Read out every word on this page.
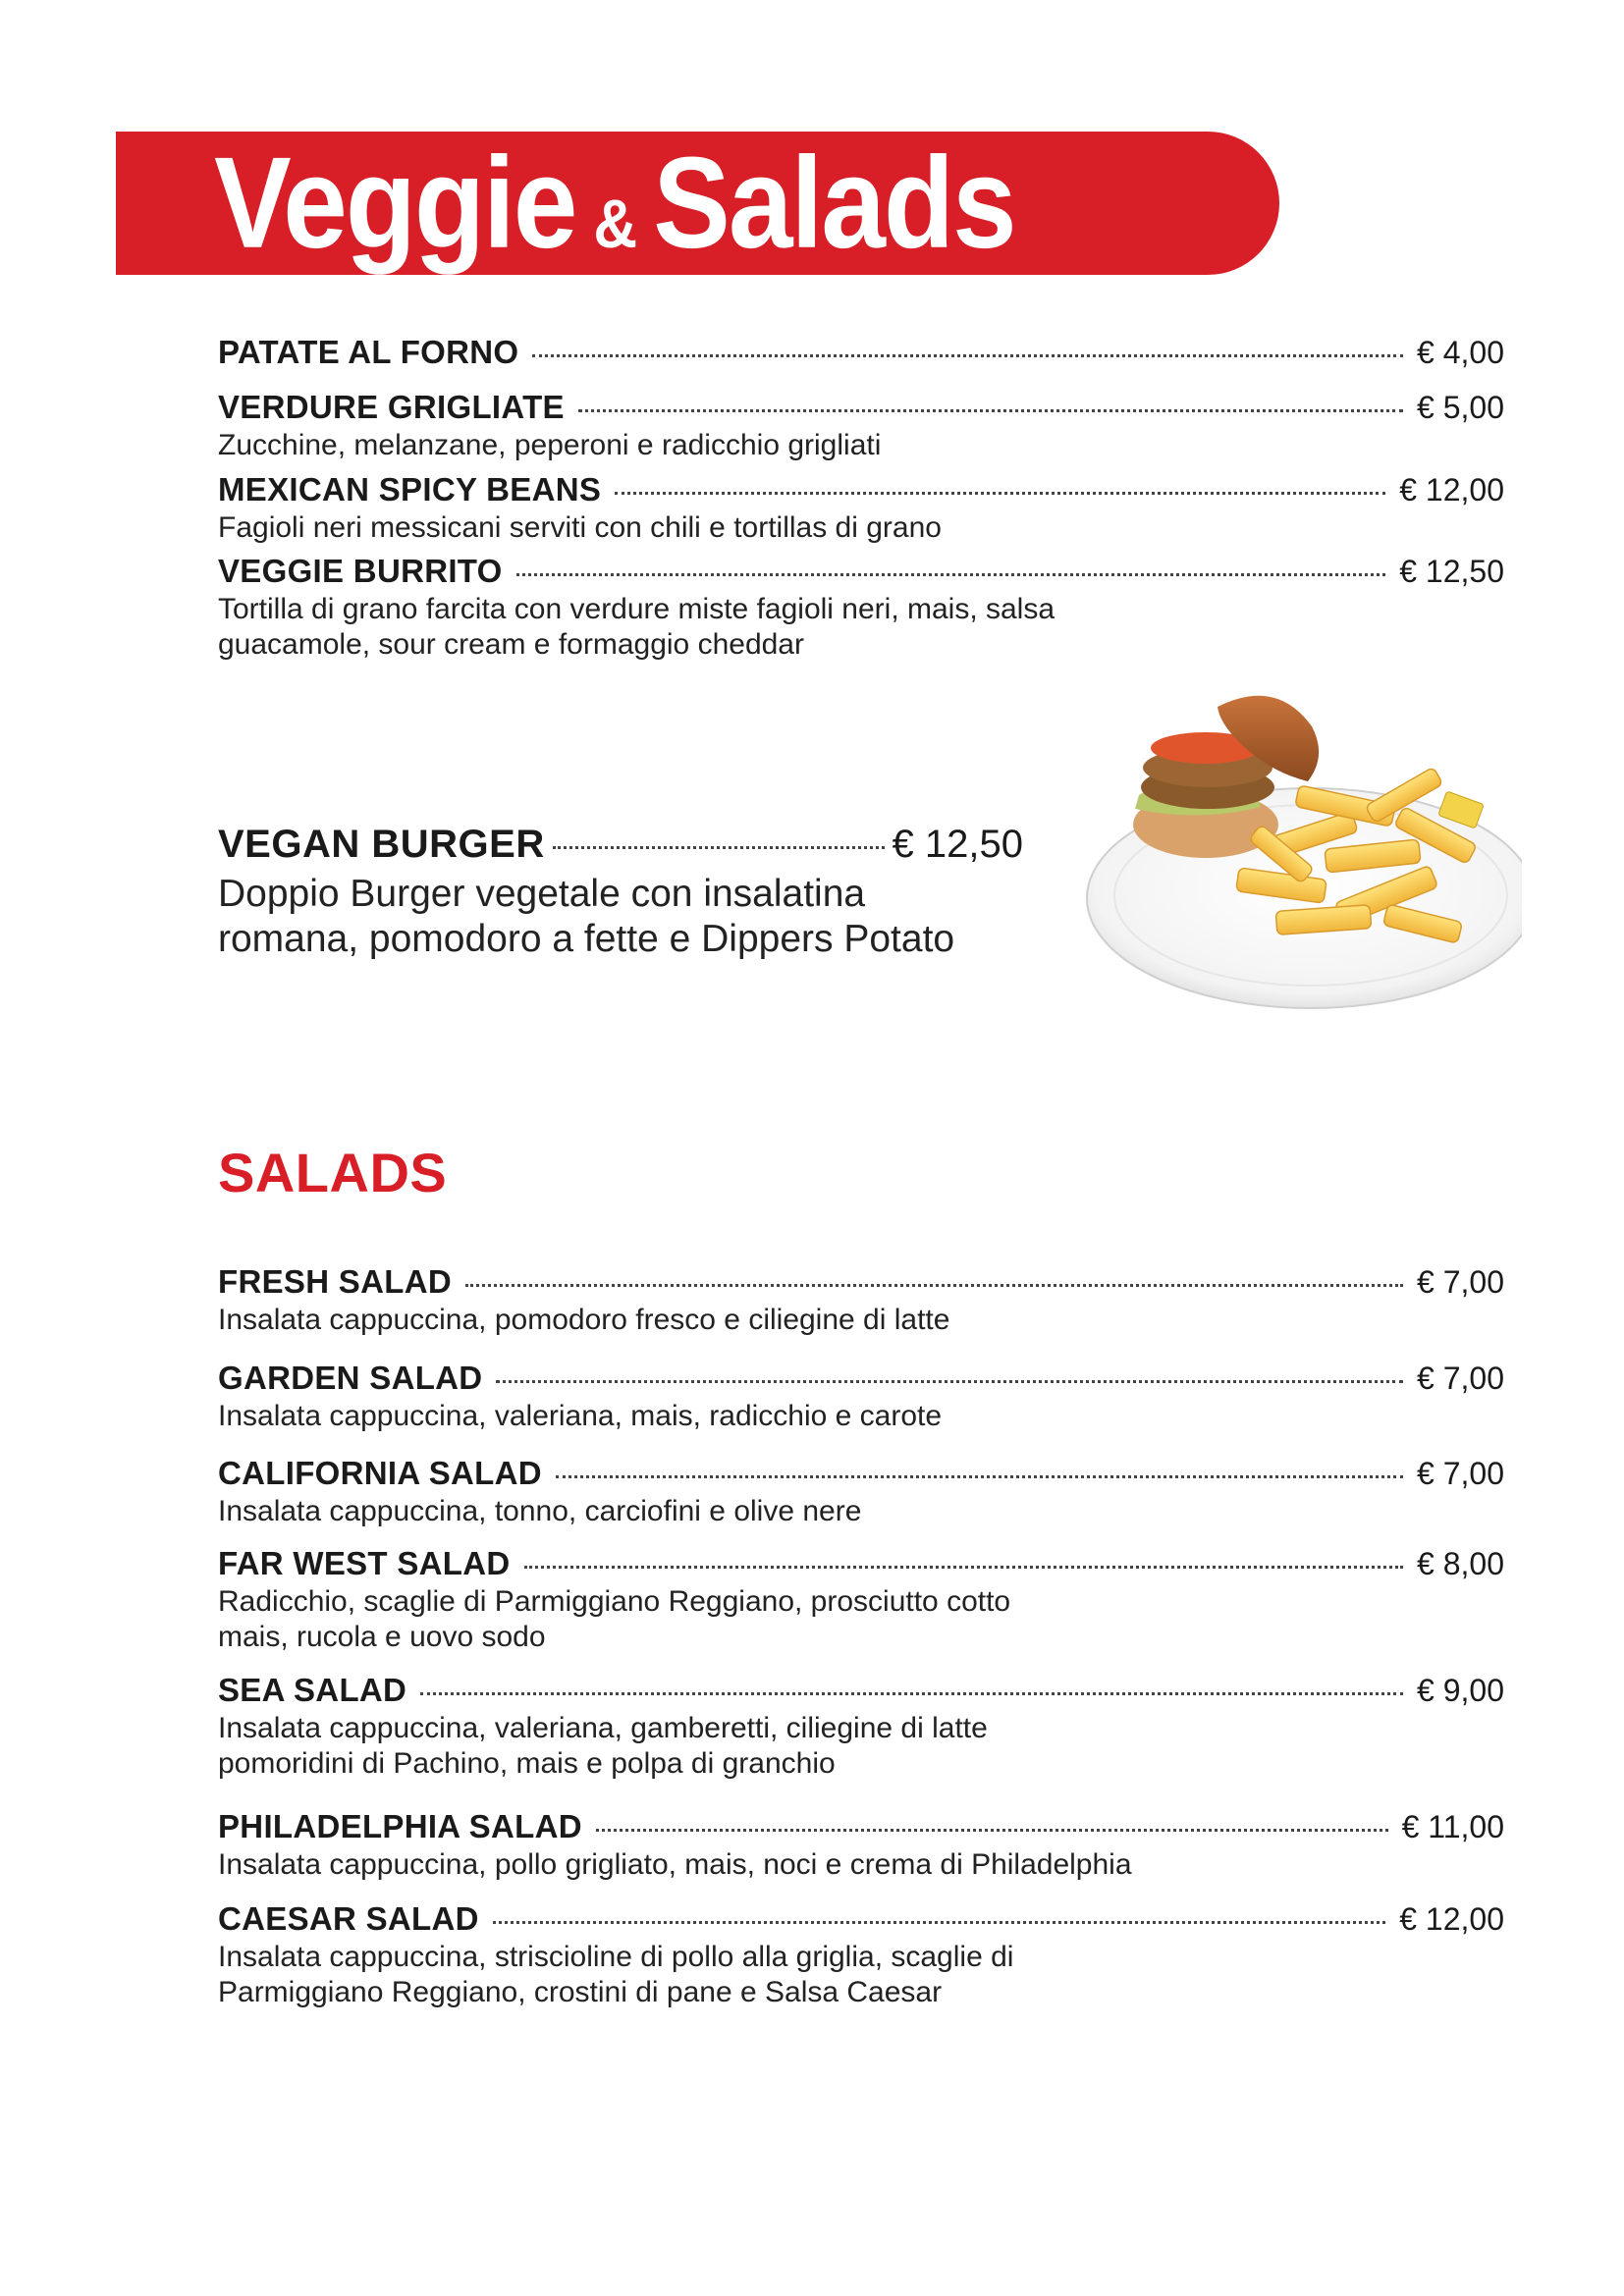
Veggie & Salads
PATATE AL FORNO	€ 4,00
VERDURE GRIGLIATE	€ 5,00
Zucchine, melanzane, peperoni e radicchio grigliati
MEXICAN SPICY BEANS	€ 12,00
Fagioli neri messicani serviti con chili e tortillas di grano
VEGGIE BURRITO	€ 12,50
Tortilla di grano farcita con verdure miste fagioli neri, mais, salsa
guacamole, sour cream e formaggio cheddar
VEGAN BURGER	€ 12,50
Doppio Burger vegetale con insalatina
romana, pomodoro a fette e Dippers Potato
SALADS
FRESH SALAD	€ 7,00
Insalata cappuccina, pomodoro fresco e ciliegine di latte
GARDEN SALAD	€ 7,00
Insalata cappuccina, valeriana, mais, radicchio e carote
CALIFORNIA SALAD	€ 7,00
Insalata cappuccina, tonno, carciofini e olive nere
FAR WEST SALAD	€ 8,00
Radicchio, scaglie di Parmiggiano Reggiano, prosciutto cotto
mais, rucola e uovo sodo
SEA SALAD	€ 9,00
Insalata cappuccina, valeriana, gamberetti, ciliegine di latte
pomoridini di Pachino, mais e polpa di granchio
PHILADELPHIA SALAD	€ 11,00
Insalata cappuccina, pollo grigliato, mais, noci e crema di Philadelphia
CAESAR SALAD	€ 12,00
Insalata cappuccina, striscioline di pollo alla griglia, scaglie di
Parmiggiano Reggiano, crostini di pane e Salsa Caesar
